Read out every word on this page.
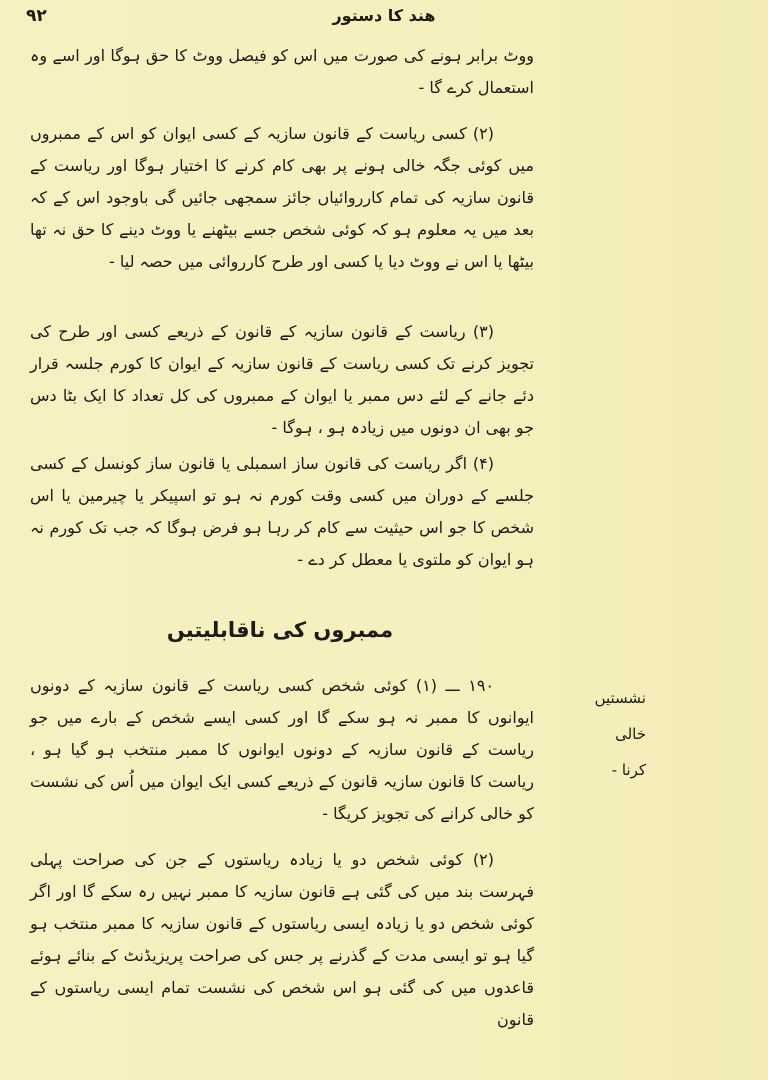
۹۲	ھند کا دستور

ووٹ برابر ہونے کی صورت میں اس کو فیصل ووٹ کا حق ہوگا اور اسے وہ استعمال کرے گا -

(۲) کسی ریاست کے قانون سازیہ کے کسی ایوان کو اس کے ممبروں میں کوئی جگہ خالی ہونے پر بھی کام کرنے کا اختیار ہوگا اور ریاست کے قانون سازیہ کی تمام کارروائیاں جائز سمجھی جائیں گی باوجود اس کے کہ بعد میں یہ معلوم ہو کہ کوئی شخص جسے بیٹھنے یا ووٹ دینے کا حق نہ تھا بیٹھا یا اس نے ووٹ دیا یا کسی اور طرح کارروائی میں حصہ لیا -

(۳) ریاست کے قانون سازیہ کے قانون کے ذریعے کسی اور طرح کی تجویز کرنے تک کسی ریاست کے قانون سازیہ کے ایوان کا کورم جلسہ قرار دئے جانے کے لئے دس ممبر یا ایوان کے ممبروں کی کل تعداد کا ایک بٹا دس جو بھی ان دونوں میں زیادہ ہو ، ہوگا -

(۴) اگر ریاست کی قانون ساز اسمبلی یا قانون ساز کونسل کے کسی جلسے کے دوران میں کسی وقت کورم نہ ہو تو اسپیکر یا چیرمین یا اس شخص کا جو اس حیثیت سے کام کر رہا ہو فرض ہوگا کہ جب تک کورم نہ ہو ایوان کو ملتوی یا معطل کر دے -

ممبروں کی ناقابلیتیں

۱۹۰ ـــ (۱) کوئی شخص کسی ریاست کے قانون سازیہ کے دونوں ایوانوں کا ممبر نہ ہو سکے گا اور کسی ایسے شخص کے بارے میں جو ریاست کے قانون سازیہ کے دونوں ایوانوں کا ممبر منتخب ہو گیا ہو ، ریاست کا قانون سازیہ قانون کے ذریعے کسی ایک ایوان میں اُس کی نشست کو خالی کرانے کی تجویز کریگا -

(۲) کوئی شخص دو یا زیادہ ریاستوں کے جن کی صراحت پہلی فہرست بند میں کی گئی ہے قانون سازیہ کا ممبر نہیں رہ سکے گا اور اگر کوئی شخص دو یا زیادہ ایسی ریاستوں کے قانون سازیہ کا ممبر منتخب ہو گیا ہو تو ایسی مدت کے گذرنے پر جس کی صراحت پریزیڈنٹ کے بنائے ہوئے قاعدوں میں کی گئی ہو اس شخص کی نشست تمام ایسی ریاستوں کے قانون

نشستیں خالی
کرنا -
